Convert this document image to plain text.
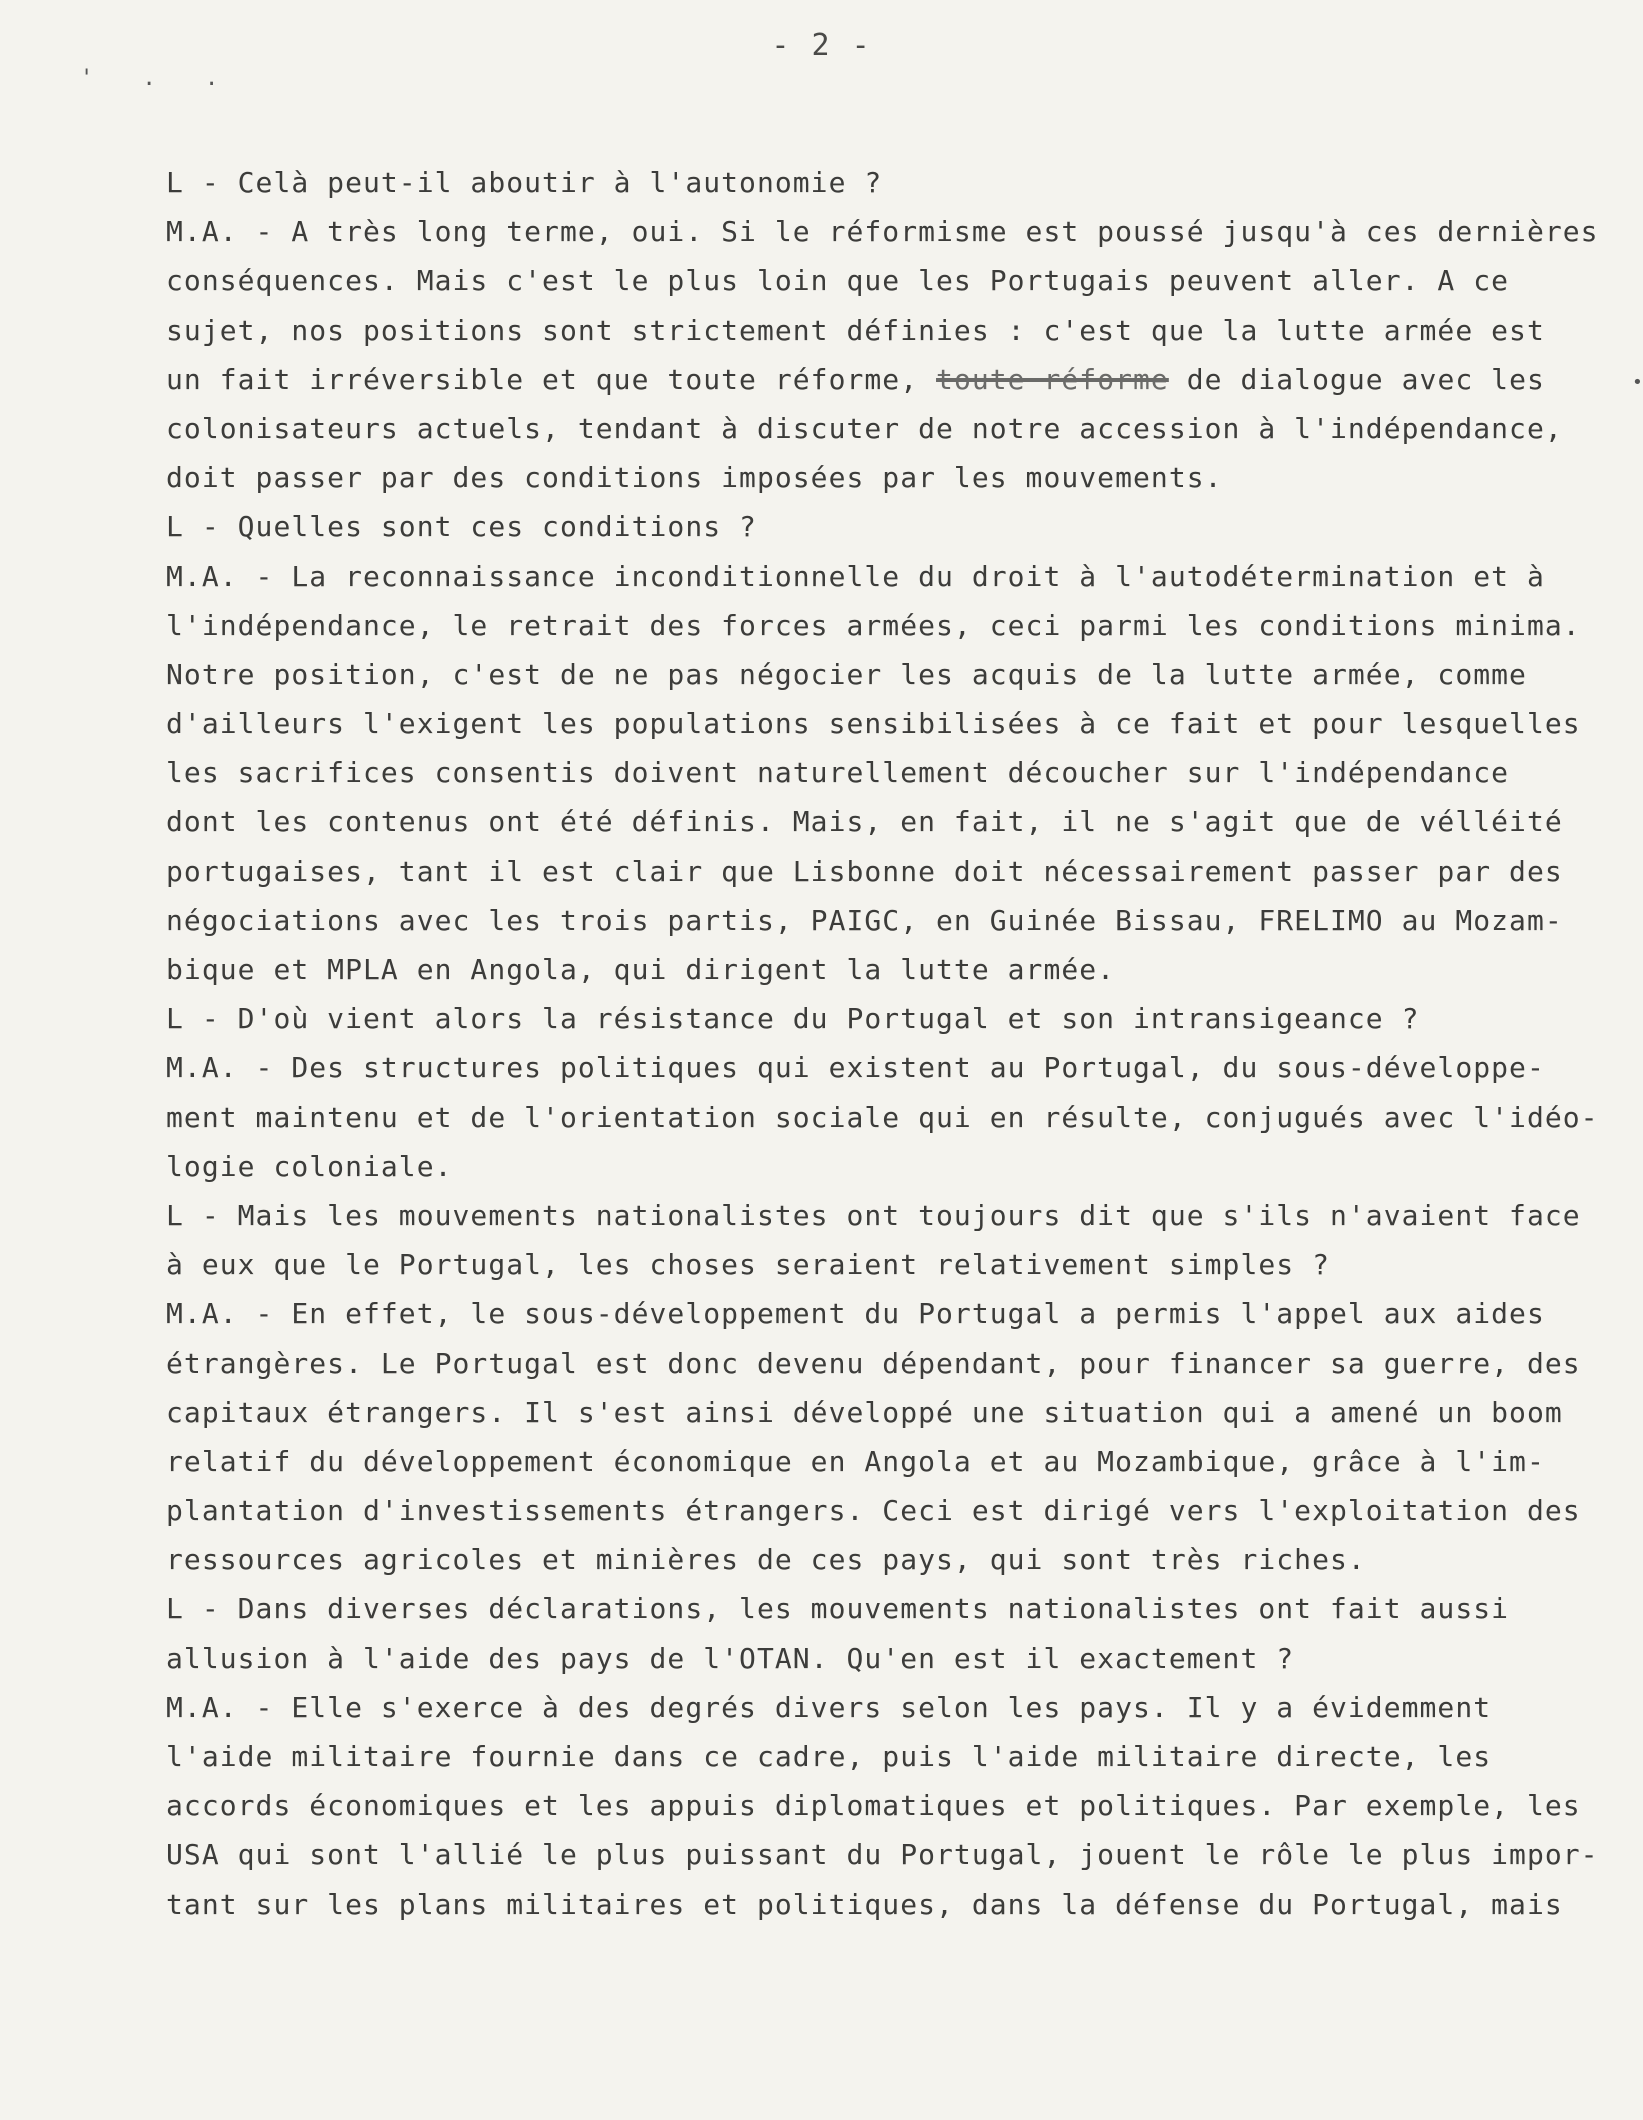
- 2 -
' . .
•
L - Celà peut-il aboutir à l'autonomie ?
M.A. - A très long terme, oui. Si le réformisme est poussé jusqu'à ces dernières
conséquences. Mais c'est le plus loin que les Portugais peuvent aller. A ce
sujet, nos positions sont strictement définies : c'est que la lutte armée est
un fait irréversible et que toute réforme, toute réforme de dialogue avec les
colonisateurs actuels, tendant à discuter de notre accession à l'indépendance,
doit passer par des conditions imposées par les mouvements.
L - Quelles sont ces conditions ?
M.A. - La reconnaissance inconditionnelle du droit à l'autodétermination et à
l'indépendance, le retrait des forces armées, ceci parmi les conditions minima.
Notre position, c'est de ne pas négocier les acquis de la lutte armée, comme
d'ailleurs l'exigent les populations sensibilisées à ce fait et pour lesquelles
les sacrifices consentis doivent naturellement découcher sur l'indépendance
dont les contenus ont été définis. Mais, en fait, il ne s'agit que de vélléité
portugaises, tant il est clair que Lisbonne doit nécessairement passer par des
négociations avec les trois partis, PAIGC, en Guinée Bissau, FRELIMO au Mozam-
bique et MPLA en Angola, qui dirigent la lutte armée.
L - D'où vient alors la résistance du Portugal et son intransigeance ?
M.A. - Des structures politiques qui existent au Portugal, du sous-développe-
ment maintenu et de l'orientation sociale qui en résulte, conjugués avec l'idéo-
logie coloniale.
L - Mais les mouvements nationalistes ont toujours dit que s'ils n'avaient face
à eux que le Portugal, les choses seraient relativement simples ?
M.A. - En effet, le sous-développement du Portugal a permis l'appel aux aides
étrangères. Le Portugal est donc devenu dépendant, pour financer sa guerre, des
capitaux étrangers. Il s'est ainsi développé une situation qui a amené un boom
relatif du développement économique en Angola et au Mozambique, grâce à l'im-
plantation d'investissements étrangers. Ceci est dirigé vers l'exploitation des
ressources agricoles et minières de ces pays, qui sont très riches.
L - Dans diverses déclarations, les mouvements nationalistes ont fait aussi
allusion à l'aide des pays de l'OTAN. Qu'en est il exactement ?
M.A. - Elle s'exerce à des degrés divers selon les pays. Il y a évidemment
l'aide militaire fournie dans ce cadre, puis l'aide militaire directe, les
accords économiques et les appuis diplomatiques et politiques. Par exemple, les
USA qui sont l'allié le plus puissant du Portugal, jouent le rôle le plus impor-
tant sur les plans militaires et politiques, dans la défense du Portugal, mais
